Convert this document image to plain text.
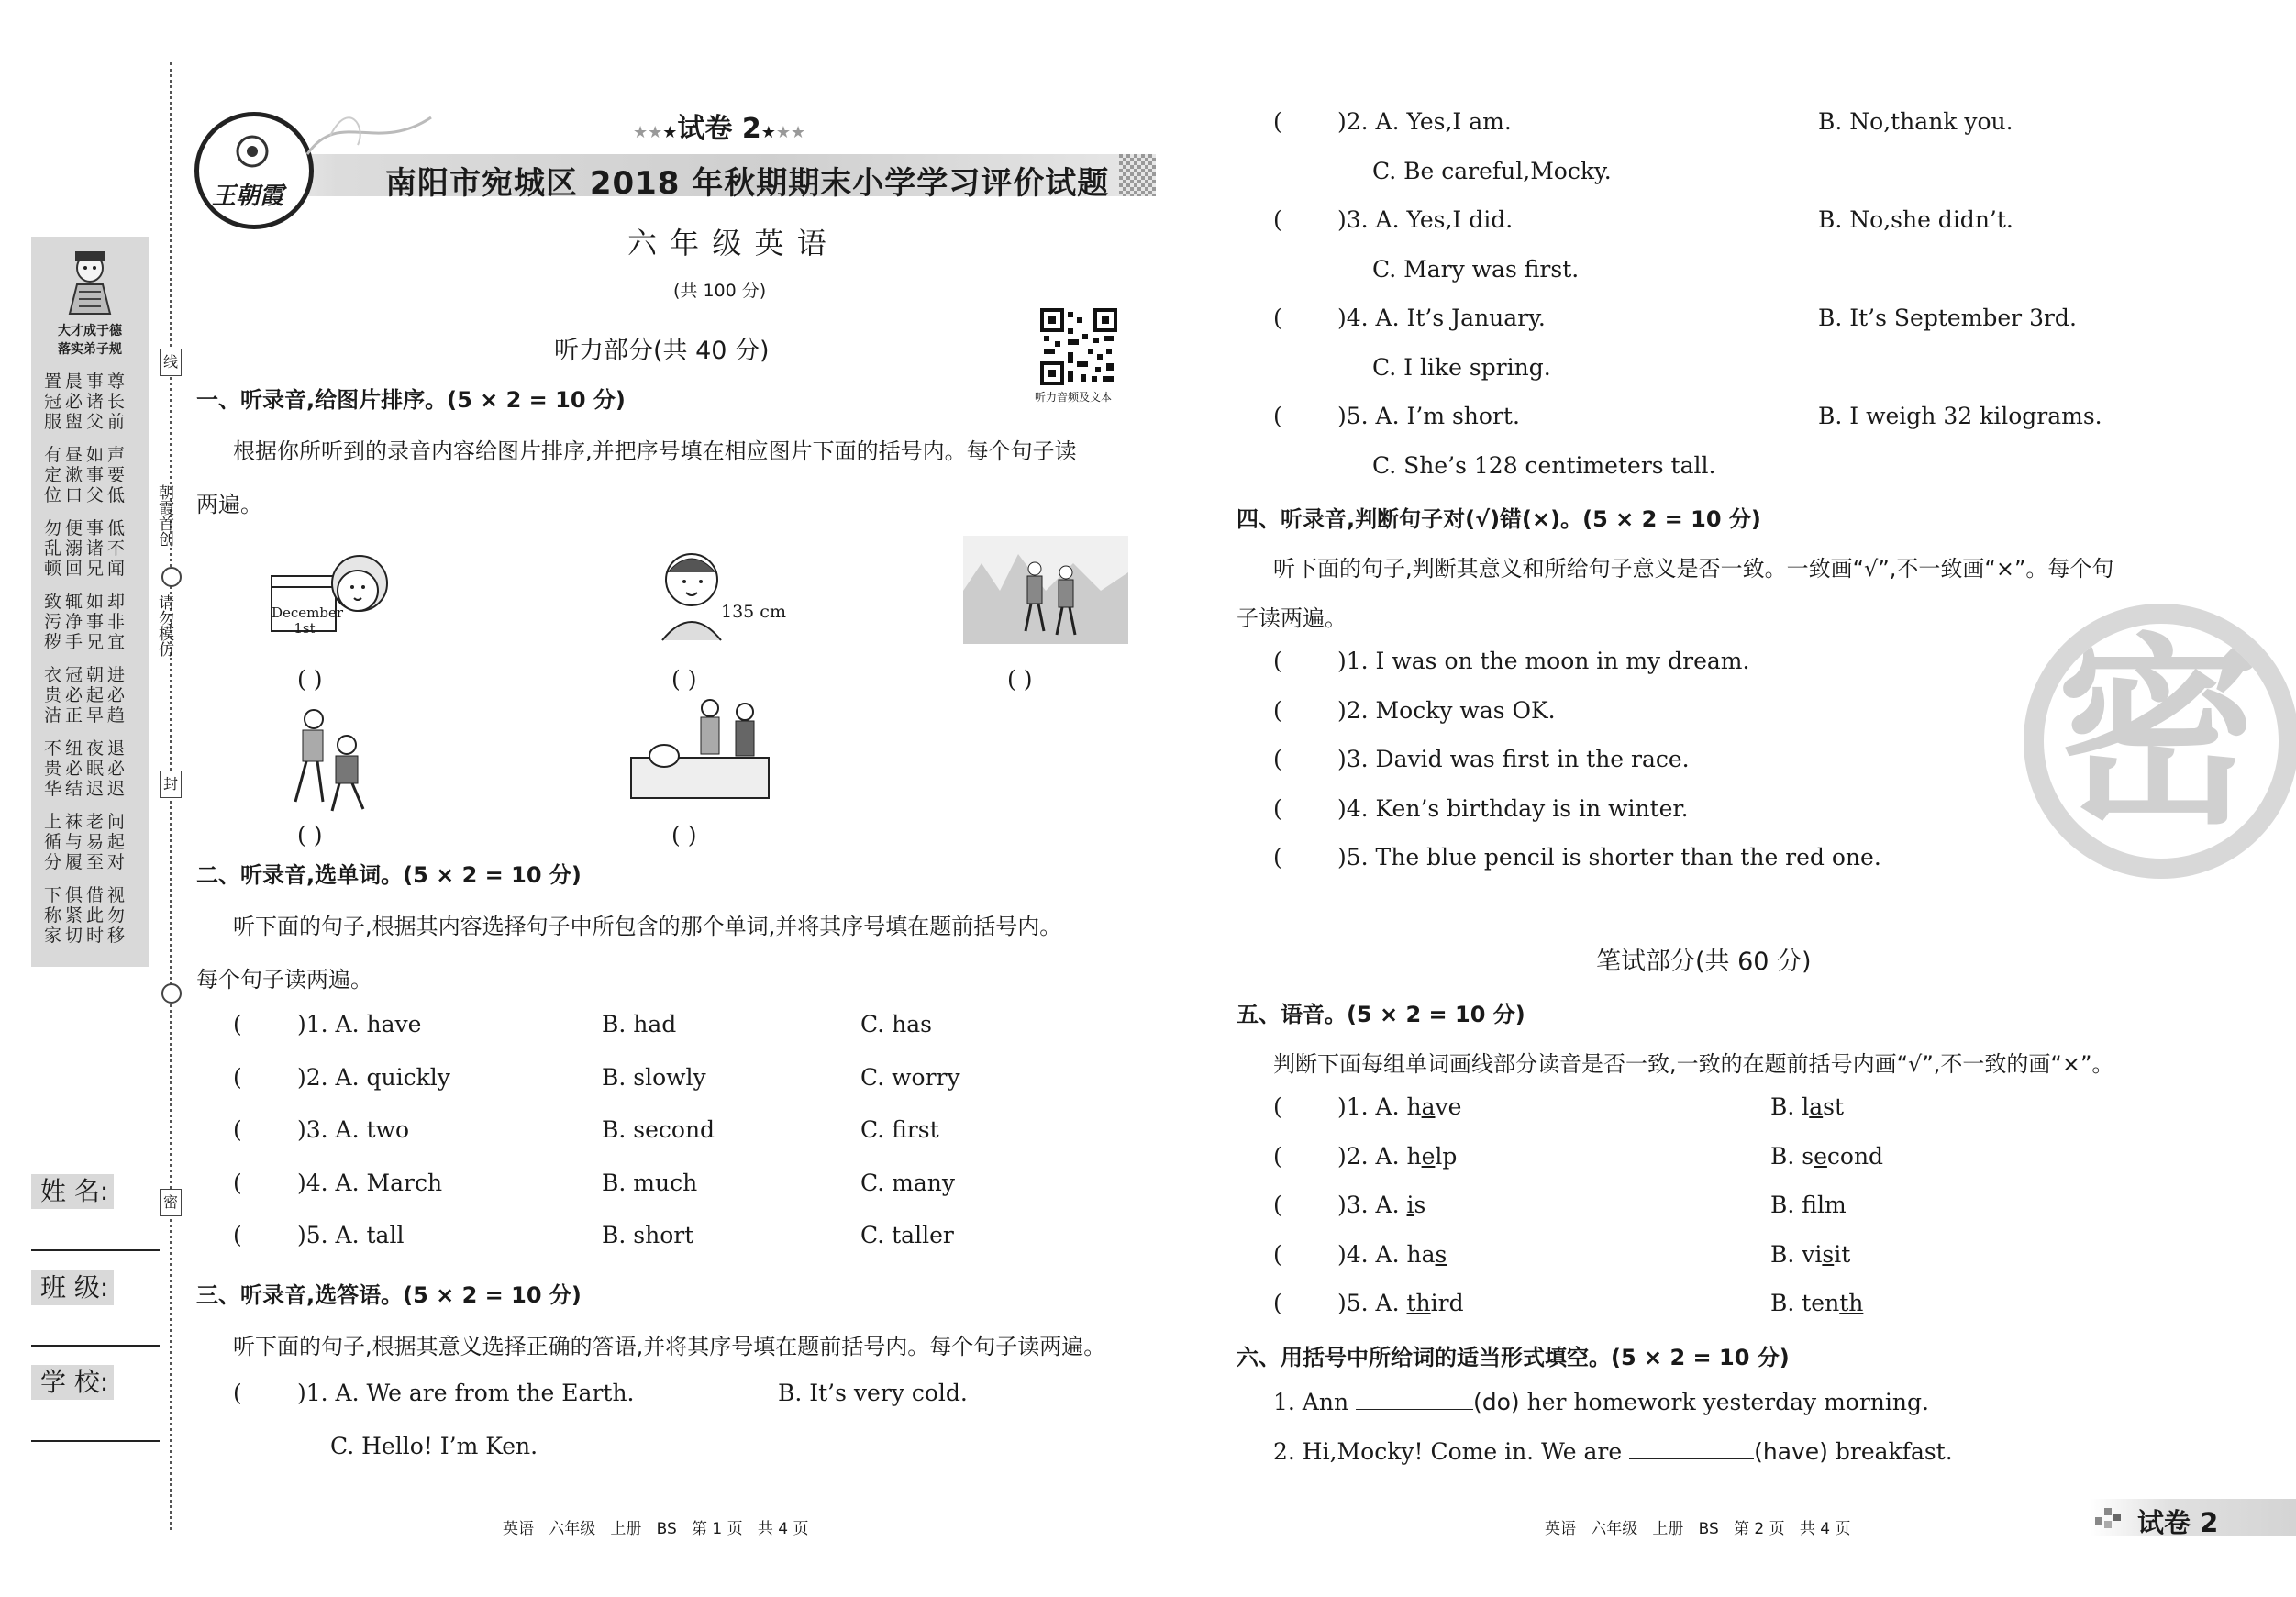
大才成于德
落实弟子规
置晨事尊
冠必诸长
服盥父前
有昼如声
定漱事要
位口父低
勿便事低
乱溺诸不
顿回兄闻
致辄如却
污净事非
秽手兄宜
衣冠朝进
贵必起必
洁正早趋
不纽夜退
贵必眠必
华结迟迟
上袜老问
循与易起
分履至对
下俱借视
称紧此勿
家切时移
线
封
密
朝霞首创
请勿模仿
姓 名:
班 级:
学 校:
王朝霞
★★★试卷 2★★★
南阳市宛城区 2018 年秋期期末小学学习评价试题
六 年 级 英 语
(共 100 分)
听力部分(共 40 分)
听力音频及文本
一、听录音,给图片排序。(5 × 2 = 10 分)
根据你所听到的录音内容给图片排序,并把序号填在相应图片下面的括号内。每个句子读
两遍。
December 1st
135 cm
( )	( )	( )
( )	( )
二、听录音,选单词。(5 × 2 = 10 分)
听下面的句子,根据其内容选择句子中所包含的那个单词,并将其序号填在题前括号内。
每个句子读两遍。
( )1. A. have	B. had	C. has
( )2. A. quickly	B. slowly	C. worry
( )3. A. two	B. second	C. first
( )4. A. March	B. much	C. many
( )5. A. tall	B. short	C. taller
三、听录音,选答语。(5 × 2 = 10 分)
听下面的句子,根据其意义选择正确的答语,并将其序号填在题前括号内。每个句子读两遍。
( )1. A. We are from the Earth.	B. It’s very cold.
C. Hello! I’m Ken.
英语   六年级   上册   BS   第 1 页   共 4 页
( )2. A. Yes,I am.	B. No,thank you.
C. Be careful,Mocky.
( )3. A. Yes,I did.	B. No,she didn’t.
C. Mary was first.
( )4. A. It’s January.	B. It’s September 3rd.
C. I like spring.
( )5. A. I’m short.	B. I weigh 32 kilograms.
C. She’s 128 centimeters tall.
四、听录音,判断句子对(√)错(×)。(5 × 2 = 10 分)
听下面的句子,判断其意义和所给句子意义是否一致。一致画“√”,不一致画“×”。每个句
子读两遍。
( )1. I was on the moon in my dream.
( )2. Mocky was OK.
( )3. David was first in the race.
( )4. Ken’s birthday is in winter.
( )5. The blue pencil is shorter than the red one.
密
笔试部分(共 60 分)
五、语音。(5 × 2 = 10 分)
判断下面每组单词画线部分读音是否一致,一致的在题前括号内画“√”,不一致的画“×”。
( )1. A. have	B. last
( )2. A. help	B. second
( )3. A. is	B. flm
( )4. A. has	B. visit
( )5. A. third	B. tenth
六、用括号中所给词的适当形式填空。(5 × 2 = 10 分)
1. Ann	(do) her homework yesterday morning.
2. Hi,Mocky! Come in. We are	(have) breakfast.
英语   六年级   上册   BS   第 2 页   共 4 页	试卷 2
